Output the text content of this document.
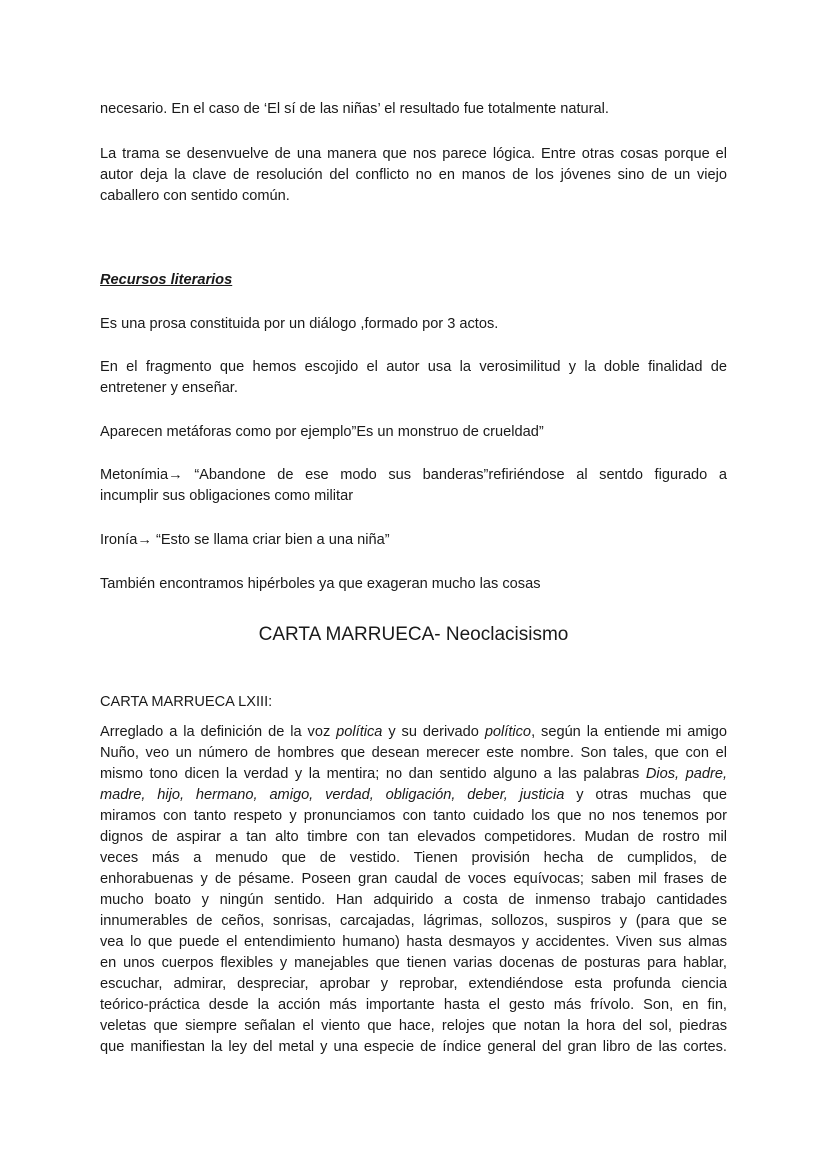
necesario. En el caso de ‘El sí de las niñas’ el resultado fue totalmente natural.

La trama se desenvuelve de una manera que nos parece lógica. Entre otras cosas porque el

autor deja la clave de resolución del conflicto no en manos de los jóvenes sino de un viejo

caballero con sentido común.

Recursos literarios

Es una prosa constituida por un diálogo ,formado por 3 actos.

En el fragmento que hemos escojido el autor usa la verosimilitud y la doble finalidad de

entretener y enseñar.

Aparecen metáforas como por ejemplo”Es un monstruo de crueldad”

Metonímia→ “Abandone de ese modo sus banderas”refiriéndose al sentdo figurado a

incumplir sus obligaciones como militar

Ironía→ “Esto se llama criar bien a una niña”

También encontramos hipérboles ya que exageran mucho las cosas

CARTA MARRUECA- Neoclacisismo

CARTA MARRUECA LXIII:

Arreglado a la definición de la voz política y su derivado político, según la entiende mi amigo

Nuño, veo un número de hombres que desean merecer este nombre. Son tales, que con el

mismo tono dicen la verdad y la mentira; no dan sentido alguno a las palabras Dios, padre,

madre, hijo, hermano, amigo, verdad, obligación, deber, justicia y otras muchas que

miramos con tanto respeto y pronunciamos con tanto cuidado los que no nos tenemos por

dignos de aspirar a tan alto timbre con tan elevados competidores. Mudan de rostro mil

veces más a menudo que de vestido. Tienen provisión hecha de cumplidos, de

enhorabuenas y de pésame. Poseen gran caudal de voces equívocas; saben mil frases de

mucho boato y ningún sentido. Han adquirido a costa de inmenso trabajo cantidades

innumerables de ceños, sonrisas, carcajadas, lágrimas, sollozos, suspiros y (para que se

vea lo que puede el entendimiento humano) hasta desmayos y accidentes. Viven sus almas

en unos cuerpos flexibles y manejables que tienen varias docenas de posturas para hablar,

escuchar, admirar, despreciar, aprobar y reprobar, extendiéndose esta profunda ciencia

teórico-práctica desde la acción más importante hasta el gesto más frívolo. Son, en fin,

veletas que siempre señalan el viento que hace, relojes que notan la hora del sol, piedras

que manifiestan la ley del metal y una especie de índice general del gran libro de las cortes.
